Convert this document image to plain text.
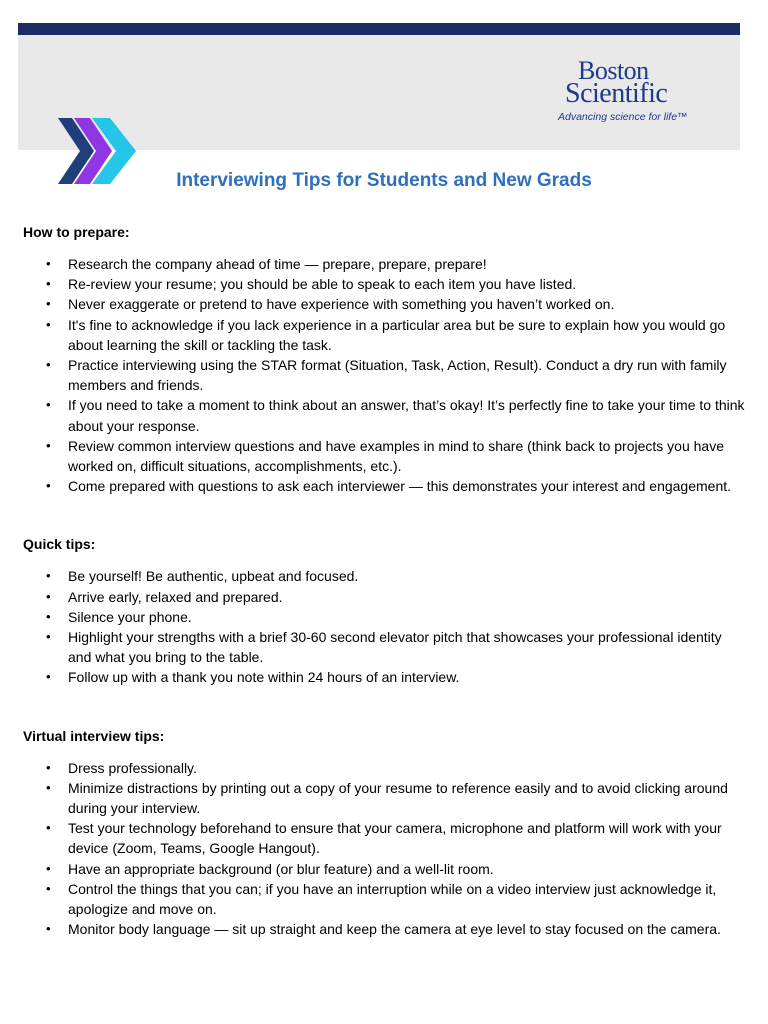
Boston
Scientific
Advancing science for life™
Interviewing Tips for Students and New Grads
How to prepare:
• Research the company ahead of time — prepare, prepare, prepare!
• Re-review your resume; you should be able to speak to each item you have listed.
• Never exaggerate or pretend to have experience with something you haven’t worked on.
• It's fine to acknowledge if you lack experience in a particular area but be sure to explain how you would go about learning the skill or tackling the task.
• Practice interviewing using the STAR format (Situation, Task, Action, Result). Conduct a dry run with family members and friends.
• If you need to take a moment to think about an answer, that’s okay! It’s perfectly fine to take your time to think about your response.
• Review common interview questions and have examples in mind to share (think back to projects you have worked on, difficult situations, accomplishments, etc.).
• Come prepared with questions to ask each interviewer — this demonstrates your interest and engagement.
Quick tips:
• Be yourself! Be authentic, upbeat and focused.
• Arrive early, relaxed and prepared.
• Silence your phone.
• Highlight your strengths with a brief 30-60 second elevator pitch that showcases your professional identity and what you bring to the table.
• Follow up with a thank you note within 24 hours of an interview.
Virtual interview tips:
• Dress professionally.
• Minimize distractions by printing out a copy of your resume to reference easily and to avoid clicking around during your interview.
• Test your technology beforehand to ensure that your camera, microphone and platform will work with your device (Zoom, Teams, Google Hangout).
• Have an appropriate background (or blur feature) and a well-lit room.
• Control the things that you can; if you have an interruption while on a video interview just acknowledge it, apologize and move on.
• Monitor body language — sit up straight and keep the camera at eye level to stay focused on the camera.
